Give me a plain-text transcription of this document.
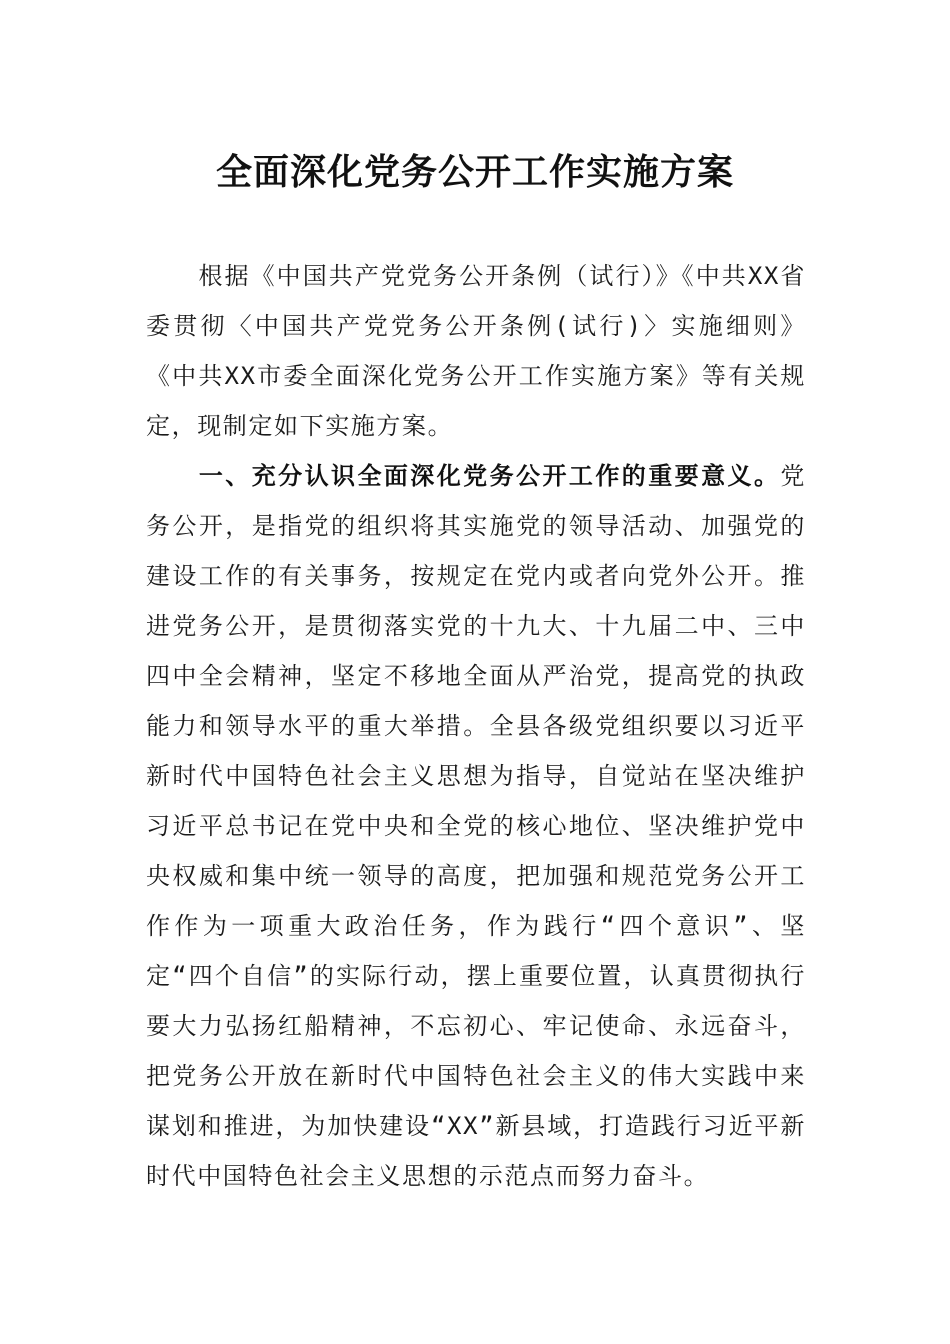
全面深化党务公开工作实施方案
根据《中国共产党党务公开条例（试行）》《中共XX省委贯彻〈中国共产党党务公开条例(试行)〉实施细则》《中共XX市委全面深化党务公开工作实施方案》等有关规定，现制定如下实施方案。
一、充分认识全面深化党务公开工作的重要意义。党务公开，是指党的组织将其实施党的领导活动、加强党的建设工作的有关事务，按规定在党内或者向党外公开。推进党务公开，是贯彻落实党的十九大、十九届二中、三中四中全会精神，坚定不移地全面从严治党，提高党的执政能力和领导水平的重大举措。全县各级党组织要以习近平新时代中国特色社会主义思想为指导，自觉站在坚决维护习近平总书记在党中央和全党的核心地位、坚决维护党中央权威和集中统一领导的高度，把加强和规范党务公开工作作为一项重大政治任务，作为践行“四个意识”、坚定“四个自信”的实际行动，摆上重要位置，认真贯彻执行要大力弘扬红船精神，不忘初心、牢记使命、永远奋斗，把党务公开放在新时代中国特色社会主义的伟大实践中来谋划和推进，为加快建设“XX”新县域，打造践行习近平新时代中国特色社会主义思想的示范点而努力奋斗。
